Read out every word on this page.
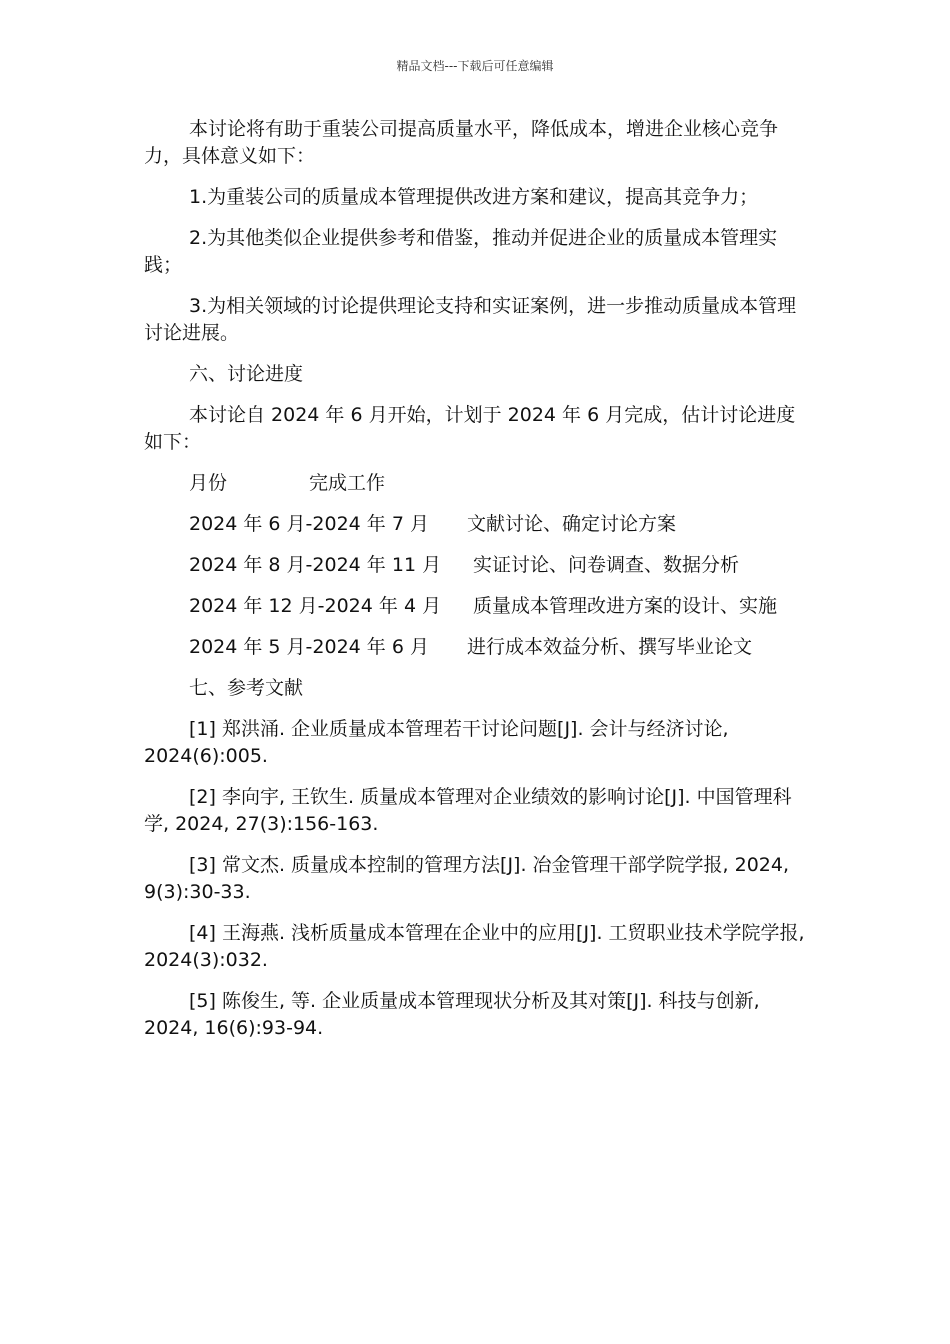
精品文档---下载后可任意编辑

本讨论将有助于重装公司提高质量水平，降低成本，增进企业核心竞争力，具体意义如下：

1.为重装公司的质量成本管理提供改进方案和建议，提高其竞争力；

2.为其他类似企业提供参考和借鉴，推动并促进企业的质量成本管理实践；

3.为相关领域的讨论提供理论支持和实证案例，进一步推动质量成本管理讨论进展。

六、讨论进度

本讨论自 2024 年 6 月开始，计划于 2024 年 6 月完成，估计讨论进度如下：

月份	完成工作
2024 年 6 月-2024 年 7 月	文献讨论、确定讨论方案
2024 年 8 月-2024 年 11 月	实证讨论、问卷调查、数据分析
2024 年 12 月-2024 年 4 月	质量成本管理改进方案的设计、实施
2024 年 5 月-2024 年 6 月	进行成本效益分析、撰写毕业论文

七、参考文献

[1] 郑洪涌. 企业质量成本管理若干讨论问题[J]. 会计与经济讨论, 2024(6):005.

[2] 李向宇, 王钦生. 质量成本管理对企业绩效的影响讨论[J]. 中国管理科学, 2024, 27(3):156-163.

[3] 常文杰. 质量成本控制的管理方法[J]. 冶金管理干部学院学报, 2024, 9(3):30-33.

[4] 王海燕. 浅析质量成本管理在企业中的应用[J]. 工贸职业技术学院学报, 2024(3):032.

[5] 陈俊生, 等. 企业质量成本管理现状分析及其对策[J]. 科技与创新, 2024, 16(6):93-94.
